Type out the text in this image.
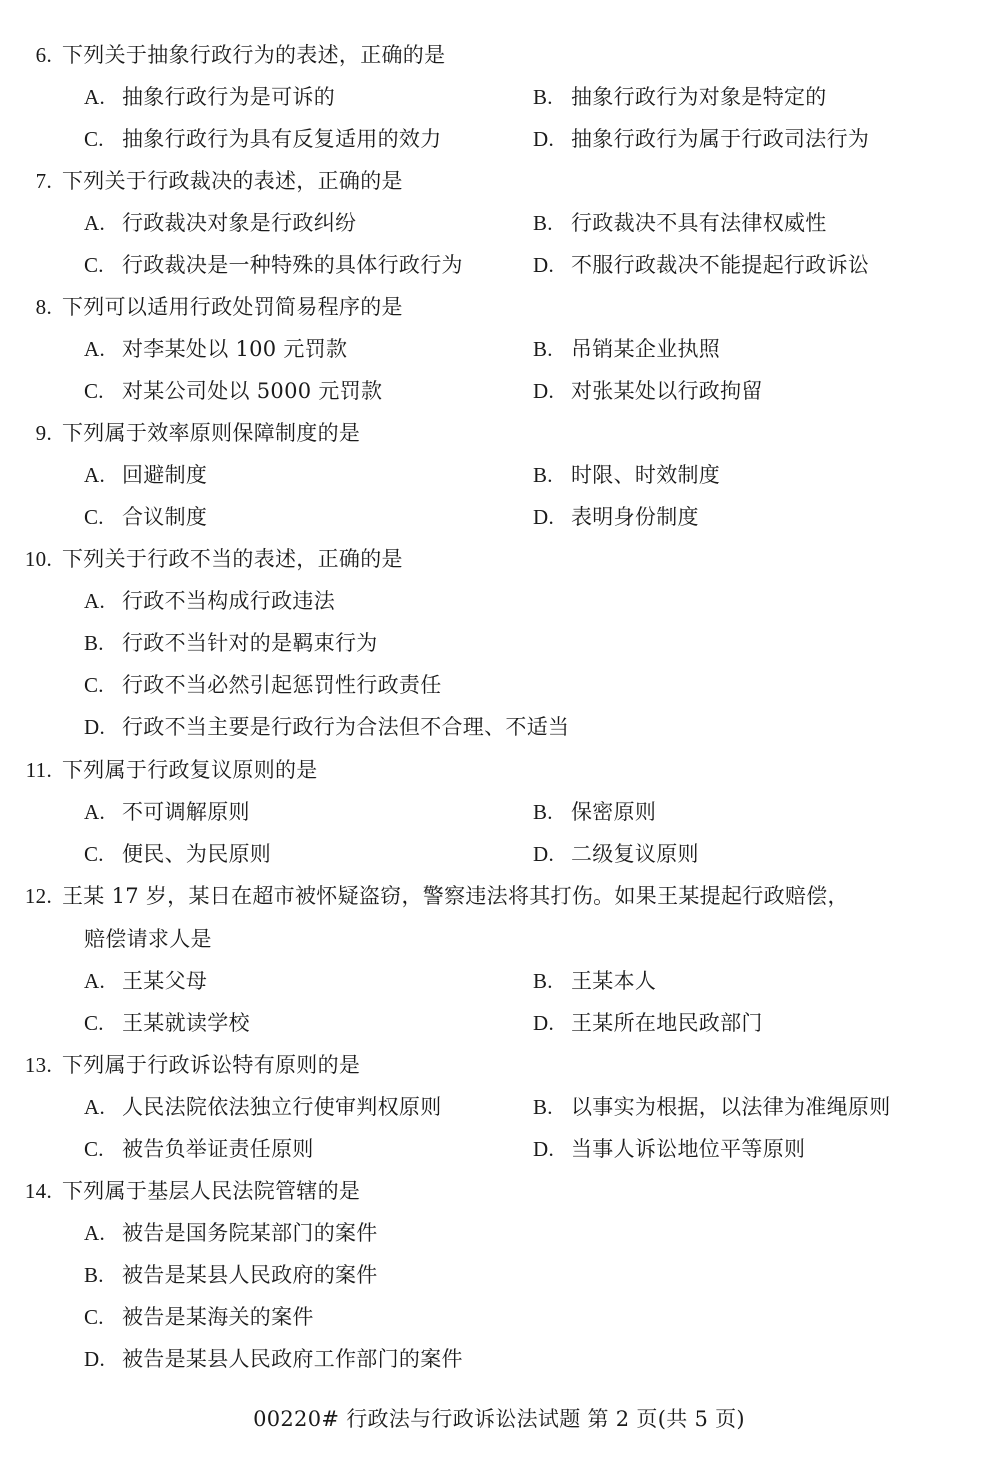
6. 下列关于抽象行政行为的表述，正确的是
A. 抽象行政行为是可诉的	B. 抽象行政行为对象是特定的
C. 抽象行政行为具有反复适用的效力	D. 抽象行政行为属于行政司法行为
7. 下列关于行政裁决的表述，正确的是
A. 行政裁决对象是行政纠纷	B. 行政裁决不具有法律权威性
C. 行政裁决是一种特殊的具体行政行为	D. 不服行政裁决不能提起行政诉讼
8. 下列可以适用行政处罚简易程序的是
A. 对李某处以 100 元罚款	B. 吊销某企业执照
C. 对某公司处以 5000 元罚款	D. 对张某处以行政拘留
9. 下列属于效率原则保障制度的是
A. 回避制度	B. 时限、时效制度
C. 合议制度	D. 表明身份制度
10. 下列关于行政不当的表述，正确的是
A. 行政不当构成行政违法
B. 行政不当针对的是羁束行为
C. 行政不当必然引起惩罚性行政责任
D. 行政不当主要是行政行为合法但不合理、不适当
11. 下列属于行政复议原则的是
A. 不可调解原则	B. 保密原则
C. 便民、为民原则	D. 二级复议原则
12. 王某 17 岁，某日在超市被怀疑盗窃，警察违法将其打伤。如果王某提起行政赔偿，
赔偿请求人是
A. 王某父母	B. 王某本人
C. 王某就读学校	D. 王某所在地民政部门
13. 下列属于行政诉讼特有原则的是
A. 人民法院依法独立行使审判权原则	B. 以事实为根据，以法律为准绳原则
C. 被告负举证责任原则	D. 当事人诉讼地位平等原则
14. 下列属于基层人民法院管辖的是
A. 被告是国务院某部门的案件
B. 被告是某县人民政府的案件
C. 被告是某海关的案件
D. 被告是某县人民政府工作部门的案件
00220# 行政法与行政诉讼法试题 第 2 页(共 5 页)
